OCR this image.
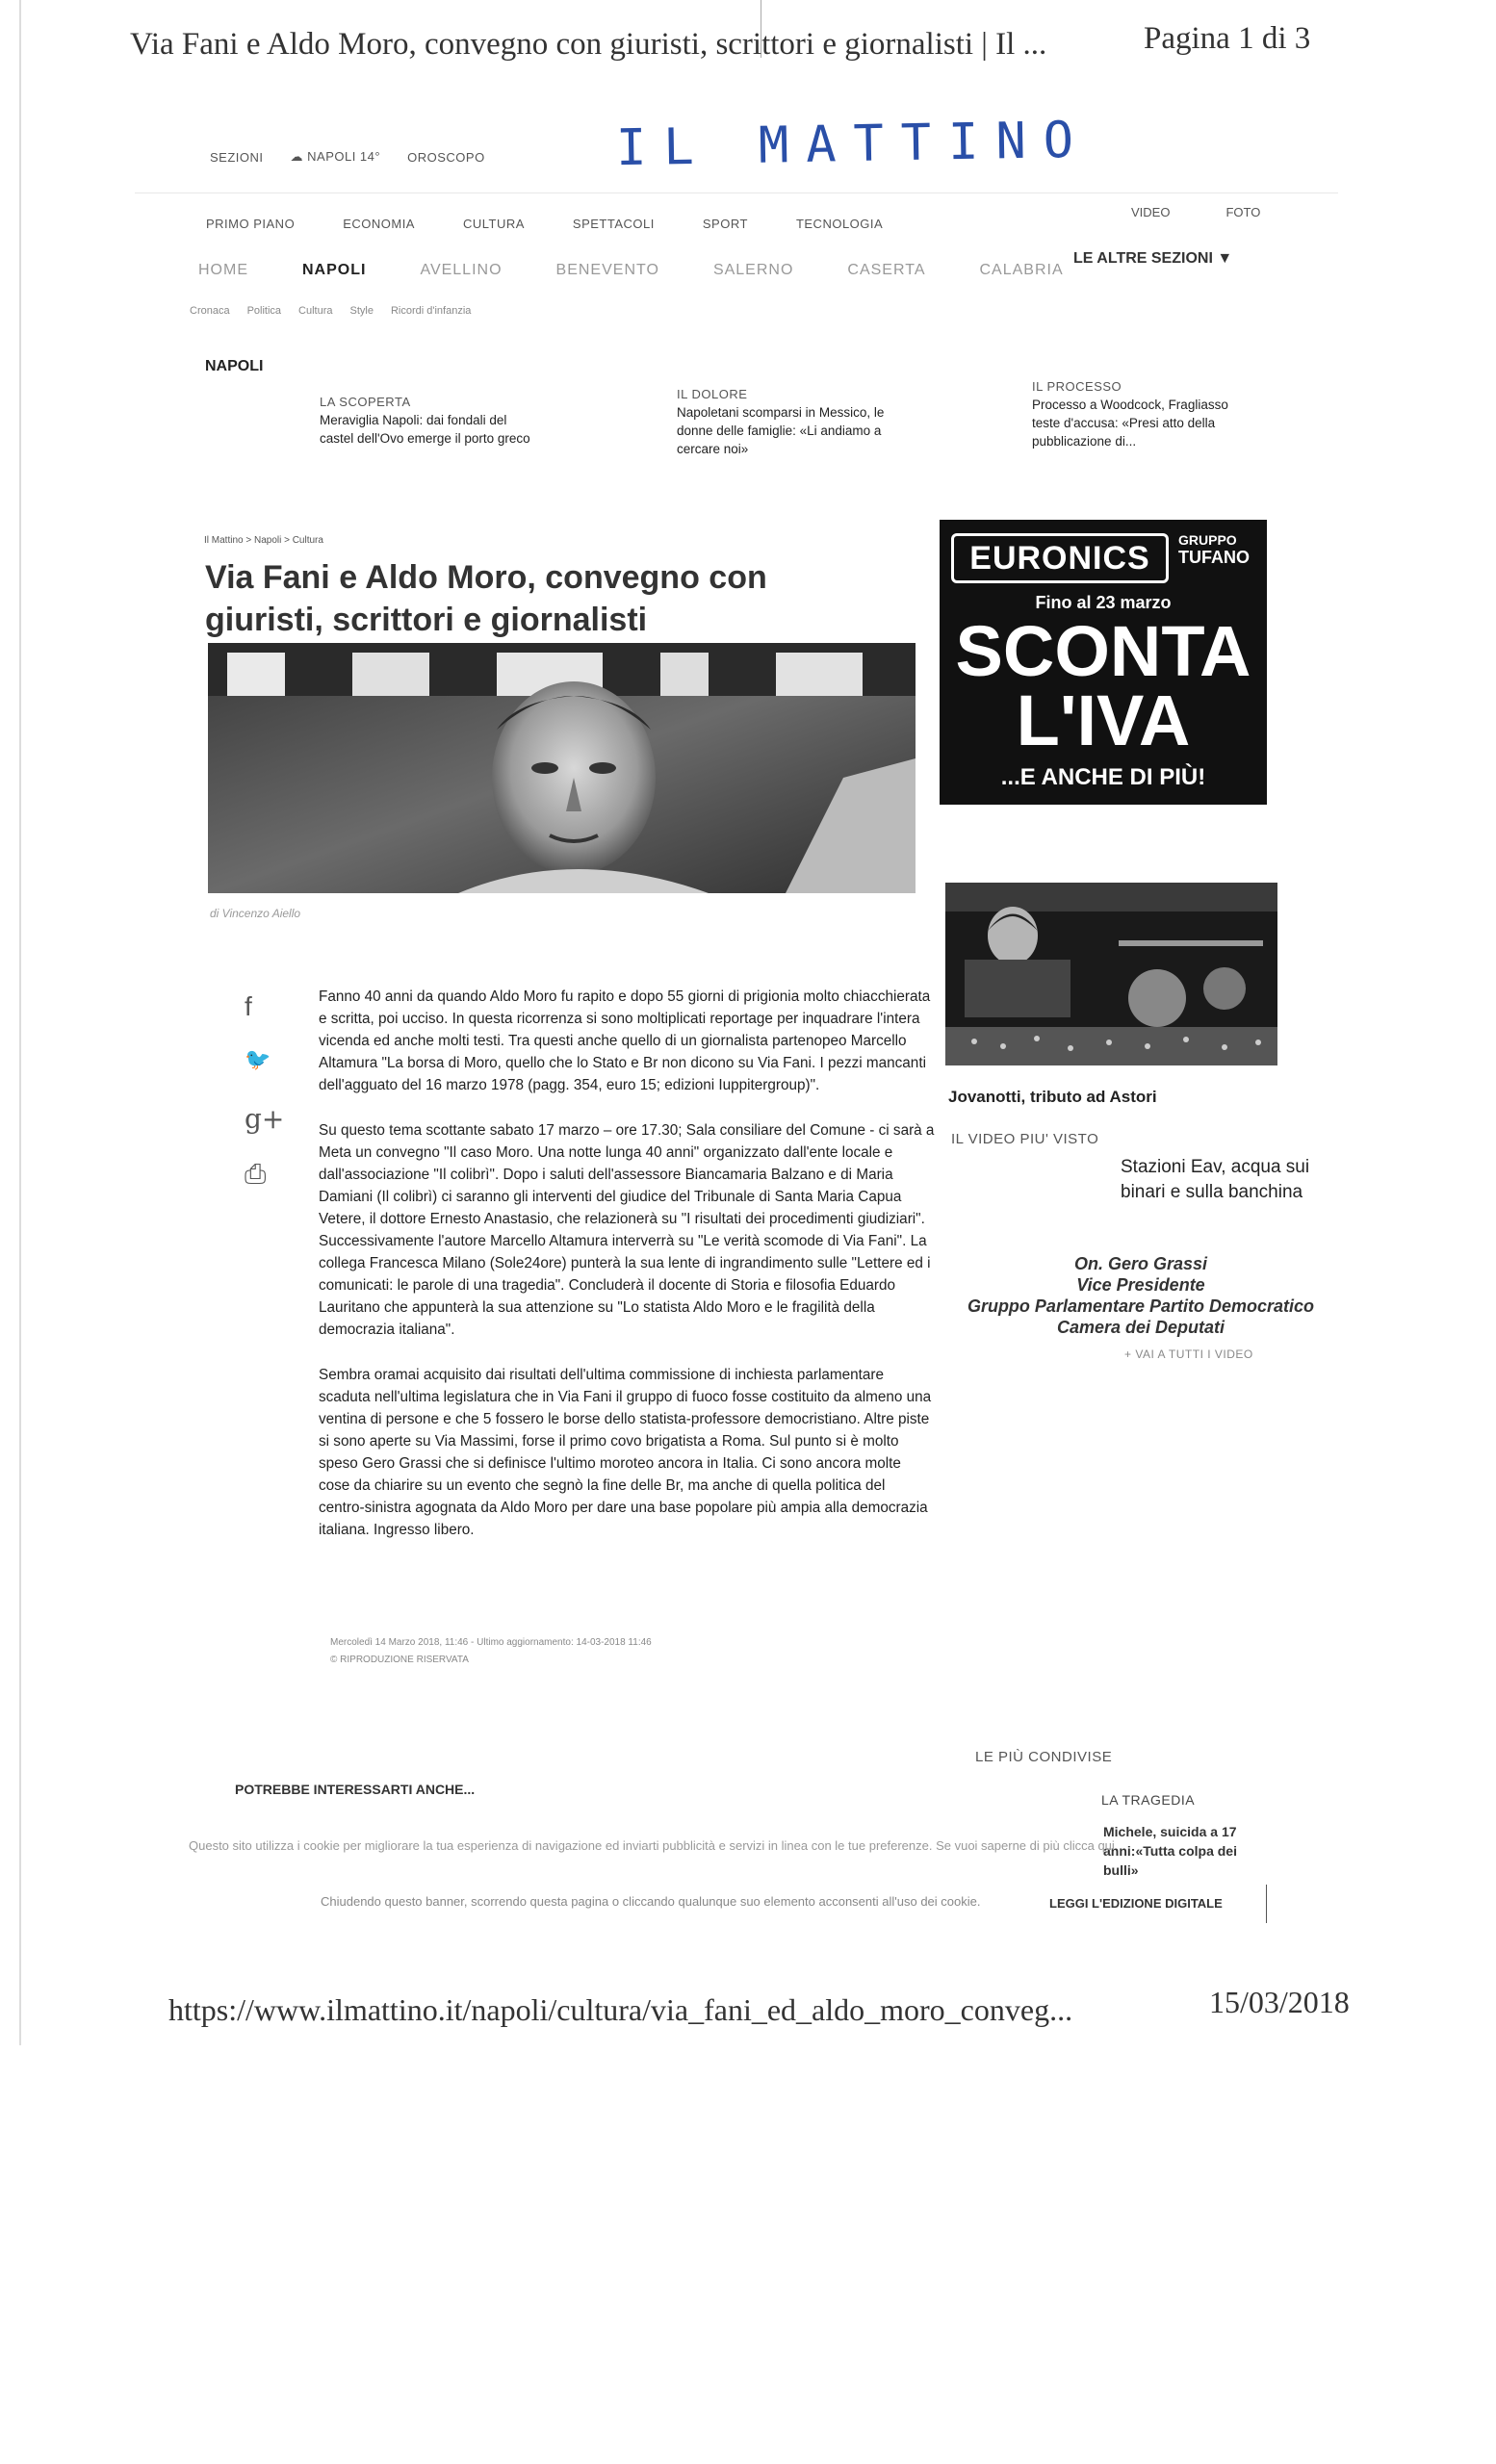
Via Fani e Aldo Moro, convegno con giuristi, scrittori e giornalisti | Il ...	Pagina 1 di 3
SEZIONI ☁ NAPOLI 14° OROSCOPO	IL MATTINO
PRIMO PIANO	ECONOMIA	CULTURA	SPETTACOLI	SPORT	TECNOLOGIA
VIDEO	FOTO
HOME	NAPOLI	AVELLINO	BENEVENTO	SALERNO	CASERTA	CALABRIA
LE ALTRE SEZIONI ▼
Cronaca Politica Cultura Style Ricordi d'infanzia
NAPOLI
LA SCOPERTA
Meraviglia Napoli: dai fondali del castel dell'Ovo emerge il porto greco
IL DOLORE
Napoletani scomparsi in Messico, le donne delle famiglie: «Li andiamo a cercare noi»
IL PROCESSO
Processo a Woodcock, Fragliasso teste d'accusa: «Presi atto della pubblicazione di...
Il Mattino > Napoli > Cultura
Via Fani e Aldo Moro, convegno con giuristi, scrittori e giornalisti
di Vincenzo Aiello
f
🐦
g+
⎙

Fanno 40 anni da quando Aldo Moro fu rapito e dopo 55 giorni di prigionia molto chiacchierata e scritta, poi ucciso. In questa ricorrenza si sono moltiplicati reportage per inquadrare l'intera vicenda ed anche molti testi. Tra questi anche quello di un giornalista partenopeo Marcello Altamura "La borsa di Moro, quello che lo Stato e Br non dicono su Via Fani. I pezzi mancanti dell'agguato del 16 marzo 1978 (pagg. 354, euro 15; edizioni Iuppitergroup)".

Su questo tema scottante sabato 17 marzo – ore 17.30; Sala consiliare del Comune - ci sarà a Meta un convegno "Il caso Moro. Una notte lunga 40 anni" organizzato dall'ente locale e dall'associazione "Il colibrì". Dopo i saluti dell'assessore Biancamaria Balzano e di Maria Damiani (Il colibrì) ci saranno gli interventi del giudice del Tribunale di Santa Maria Capua Vetere, il dottore Ernesto Anastasio, che relazionerà su "I risultati dei procedimenti giudiziari". Successivamente l'autore Marcello Altamura interverrà su "Le verità scomode di Via Fani". La collega Francesca Milano (Sole24ore) punterà la sua lente di ingrandimento sulle "Lettere ed i comunicati: le parole di una tragedia". Concluderà il docente di Storia e filosofia Eduardo Lauritano che appunterà la sua attenzione su "Lo statista Aldo Moro e le fragilità della democrazia italiana".

Sembra oramai acquisito dai risultati dell'ultima commissione di inchiesta parlamentare scaduta nell'ultima legislatura che in Via Fani il gruppo di fuoco fosse costituito da almeno una ventina di persone e che 5 fossero le borse dello statista-professore democristiano. Altre piste si sono aperte su Via Massimi, forse il primo covo brigatista a Roma. Sul punto si è molto speso Gero Grassi che si definisce l'ultimo moroteo ancora in Italia. Ci sono ancora molte cose da chiarire su un evento che segnò la fine delle Br, ma anche di quella politica del centro-sinistra agognata da Aldo Moro per dare una base popolare più ampia alla democrazia italiana. Ingresso libero.

Mercoledì 14 Marzo 2018, 11:46 - Ultimo aggiornamento: 14-03-2018 11:46
© RIPRODUZIONE RISERVATA
EURONICS	GRUPPO
TUFANO
Fino al 23 marzo
SCONTA
L'IVA
...E ANCHE DI PIÙ!
Jovanotti, tributo ad Astori
IL VIDEO PIU' VISTO
Stazioni Eav, acqua sui binari e sulla banchina
On. Gero Grassi
Vice Presidente
Gruppo Parlamentare Partito Democratico
Camera dei Deputati
+ VAI A TUTTI I VIDEO
LE PIÙ CONDIVISE
POTREBBE INTERESSARTI ANCHE...
LA TRAGEDIA
Michele, suicida a 17 anni:«Tutta colpa dei bulli»
Questo sito utilizza i cookie per migliorare la tua esperienza di navigazione ed inviarti pubblicità e servizi in linea con le tue preferenze. Se vuoi saperne di più clicca qui
Chiudendo questo banner, scorrendo questa pagina o cliccando qualunque suo elemento acconsenti all'uso dei cookie.	LEGGI L'EDIZIONE DIGITALE
https://www.ilmattino.it/napoli/cultura/via_fani_ed_aldo_moro_conveg...	15/03/2018
